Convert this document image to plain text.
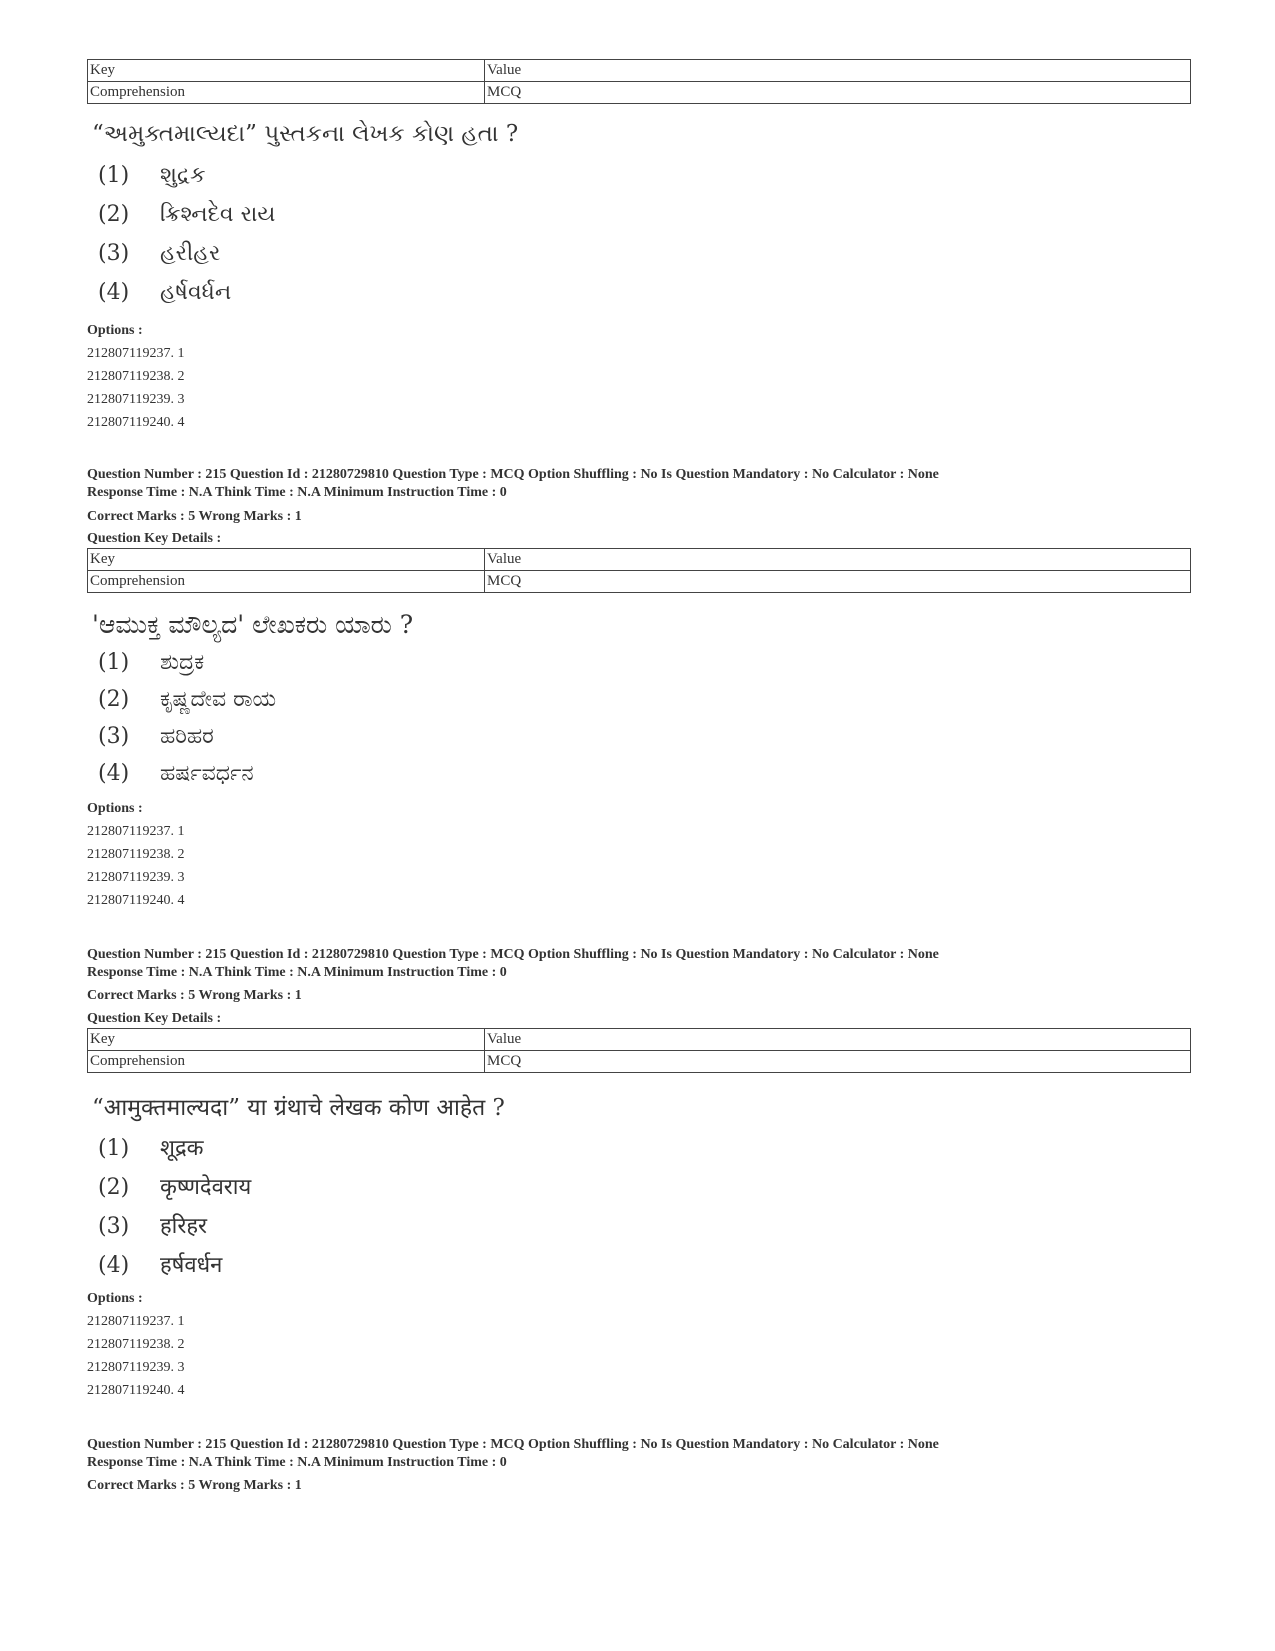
Key	Value
Comprehension	MCQ
“અમુક્તમાલ્યદા” પુસ્તકના લેખક કોણ હતા ?
(1) શુદ્રક
(2) ક્રિશ્નદેવ રાય
(3) હરીહર
(4) હર્ષવર્ધન
Options :
212807119237. 1
212807119238. 2
212807119239. 3
212807119240. 4
Question Number : 215 Question Id : 21280729810 Question Type : MCQ Option Shuffling : No Is Question Mandatory : No Calculator : None
Response Time : N.A Think Time : N.A Minimum Instruction Time : 0
Correct Marks : 5 Wrong Marks : 1
Question Key Details :
Key	Value
Comprehension	MCQ
'ಆಮುಕ್ತ ಮೌಲ್ಯದ' ಲೇಖಕರು ಯಾರು ?
(1) ಶುದ್ರಕ
(2) ಕೃಷ್ಣದೇವ ರಾಯ
(3) ಹರಿಹರ
(4) ಹರ್ಷವರ್ಧನ
Options :
212807119237. 1
212807119238. 2
212807119239. 3
212807119240. 4
Question Number : 215 Question Id : 21280729810 Question Type : MCQ Option Shuffling : No Is Question Mandatory : No Calculator : None
Response Time : N.A Think Time : N.A Minimum Instruction Time : 0
Correct Marks : 5 Wrong Marks : 1
Question Key Details :
Key	Value
Comprehension	MCQ
“आमुक्तमाल्यदा” या ग्रंथाचे लेखक कोण आहेत ?
(1) शूद्रक
(2) कृष्णदेवराय
(3) हरिहर
(4) हर्षवर्धन
Options :
212807119237. 1
212807119238. 2
212807119239. 3
212807119240. 4
Question Number : 215 Question Id : 21280729810 Question Type : MCQ Option Shuffling : No Is Question Mandatory : No Calculator : None
Response Time : N.A Think Time : N.A Minimum Instruction Time : 0
Correct Marks : 5 Wrong Marks : 1
